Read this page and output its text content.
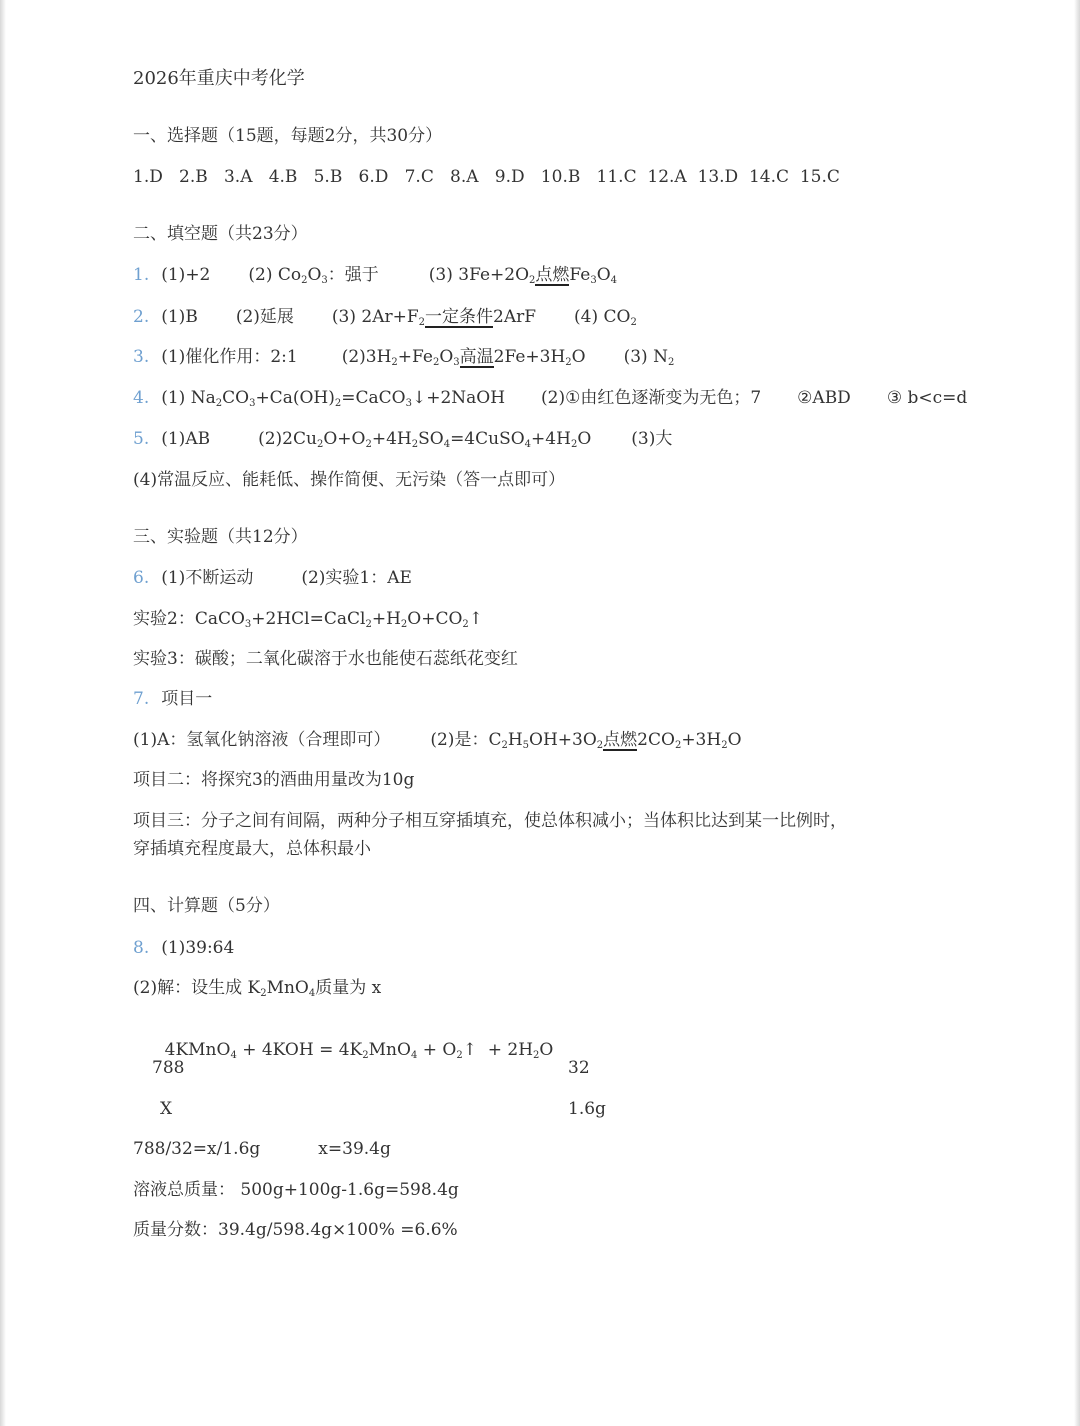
2026年重庆中考化学
一、选择题（15题，每题2分，共30分）
1.D   2.B   3.A   4.B   5.B   6.D   7.C   8.A   9.D   10.B   11.C  12.A  13.D  14.C  15.C
二、填空题（共23分）
1. (1)+2 (2) $Co_2O_3$：强于	(3) $3Fe+2O_2$点燃$Fe_3O_4$
2. (1)B (2)延展 (3) $2Ar+F_2$一定条件2ArF (4) $CO_2$
3. (1)催化作用：2:1	$(2)3H_2+Fe_2O_3$高温$2Fe+3H_2O$ (3) $N_2$
4. (1) $Na_2CO_3+Ca(OH)_2=CaCO_3↓+2NaOH$ (2)①由红色逐渐变为无色；7 ②ABD ③ b<c=d
5. (1)AB	$(2)2Cu_2O+O_2+4H_2SO_4=4CuSO_4+4H_2O$ (3)大
(4)常温反应、能耗低、操作简便、无污染（答一点即可）
三、实验题（共12分）
6. (1)不断运动	(2)实验1：AE
实验2：$CaCO_3+2HCl=CaCl_2+H_2O+CO_2↑$
实验3：碳酸；二氧化碳溶于水也能使石蕊纸花变红
7. 项目一
(1)A：氢氧化钠溶液（合理即可） (2)是：$C_2H_5OH+3O_2$点燃$2CO_2+3H_2O$
项目二：将探究3的酒曲用量改为10g
项目三：分子之间有间隔，两种分子相互穿插填充，使总体积减小；当体积比达到某一比例时，
穿插填充程度最大，总体积最小
四、计算题（5分）
8. (1)39:64
(2)解：设生成 $K_2MnO_4$质量为 x

4KMnO$_4$ + $4KOH = 4K_2MnO_4$ + $O_2↑ + 2H_2O$

788	32
X	1.6g
788/32=x/1.6g	x=39.4g
溶液总质量： 500g+100g-1.6g=598.4g
质量分数：39.4g/598.4g×100% =6.6%
